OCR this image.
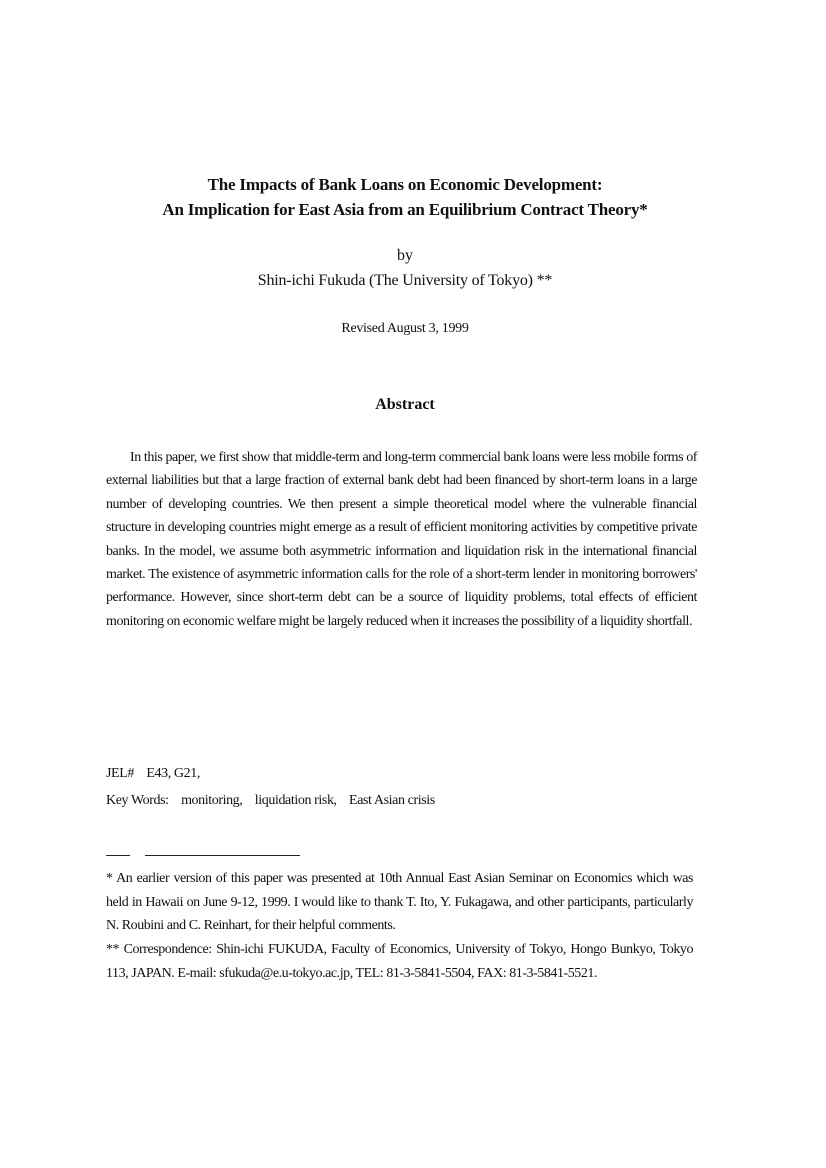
The Impacts of Bank Loans on Economic Development:
An Implication for East Asia from an Equilibrium Contract Theory*
by
Shin-ichi Fukuda (The University of Tokyo) **
Revised August 3, 1999
Abstract

In this paper, we first show that middle-term and long-term commercial bank loans were less mobile forms of external liabilities but that a large fraction of external bank debt had been financed by short-term loans in a large number of developing countries. We then present a simple theoretical model where the vulnerable financial structure in developing countries might emerge as a result of efficient monitoring activities by competitive private banks. In the model, we assume both asymmetric information and liquidation risk in the international financial market. The existence of asymmetric information calls for the role of a short-term lender in monitoring borrowers' performance. However, since short-term debt can be a source of liquidity problems, total effects of efficient monitoring on economic welfare might be largely reduced when it increases the possibility of a liquidity shortfall.

JEL#    E43, G21,
Key Words:    monitoring,    liquidation risk,    East Asian crisis

* An earlier version of this paper was presented at 10th Annual East Asian Seminar on Economics which was held in Hawaii on June 9-12, 1999. I would like to thank T. Ito, Y. Fukagawa, and other participants, particularly N. Roubini and C. Reinhart, for their helpful comments.

** Correspondence: Shin-ichi FUKUDA, Faculty of Economics, University of Tokyo, Hongo Bunkyo, Tokyo 113, JAPAN. E-mail: sfukuda@e.u-tokyo.ac.jp, TEL: 81-3-5841-5504, FAX: 81-3-5841-5521.
